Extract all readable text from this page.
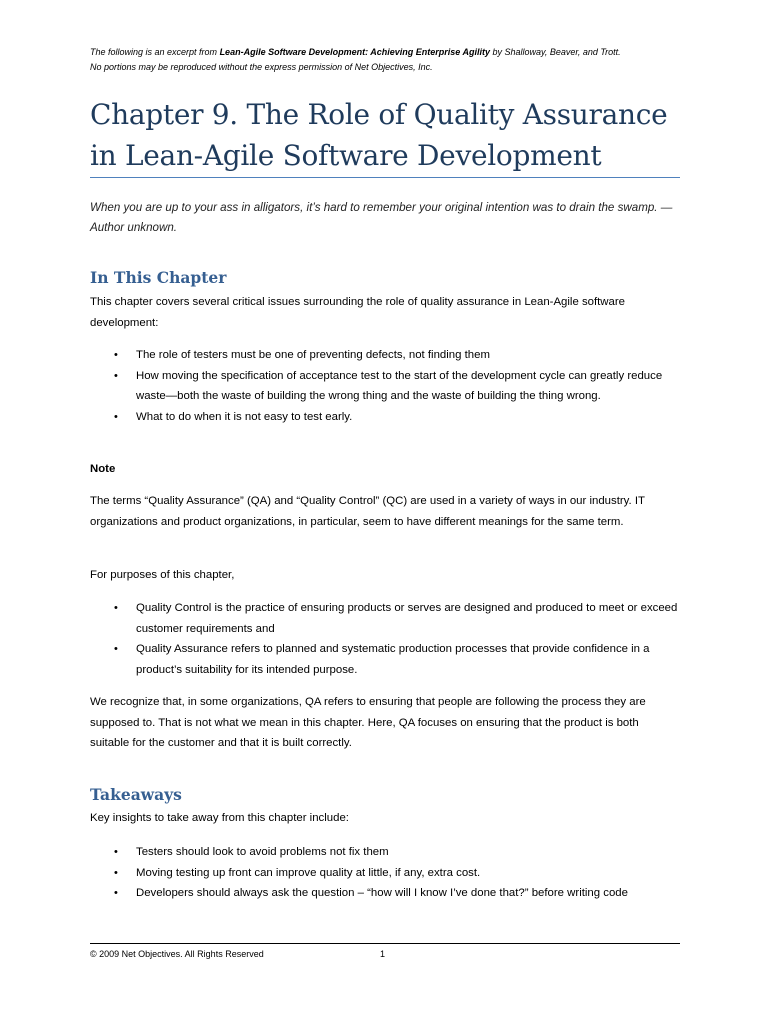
The following is an excerpt from Lean-Agile Software Development: Achieving Enterprise Agility by Shalloway, Beaver, and Trott.
No portions may be reproduced without the express permission of Net Objectives, Inc.
Chapter 9. The Role of Quality Assurance in Lean-Agile Software Development
When you are up to your ass in alligators, it’s hard to remember your original intention was to drain the swamp. —Author unknown.
In This Chapter

This chapter covers several critical issues surrounding the role of quality assurance in Lean-Agile software development:

• The role of testers must be one of preventing defects, not finding them
• How moving the specification of acceptance test to the start of the development cycle can greatly reduce waste—both the waste of building the wrong thing and the waste of building the thing wrong.
• What to do when it is not easy to test early.

Note

The terms “Quality Assurance” (QA) and “Quality Control” (QC) are used in a variety of ways in our industry. IT organizations and product organizations, in particular, seem to have different meanings for the same term.

For purposes of this chapter,

• Quality Control is the practice of ensuring products or serves are designed and produced to meet or exceed customer requirements and
• Quality Assurance refers to planned and systematic production processes that provide confidence in a product’s suitability for its intended purpose.

We recognize that, in some organizations, QA refers to ensuring that people are following the process they are supposed to. That is not what we mean in this chapter. Here, QA focuses on ensuring that the product is both suitable for the customer and that it is built correctly.

Takeaways

Key insights to take away from this chapter include:

• Testers should look to avoid problems not fix them
• Moving testing up front can improve quality at little, if any, extra cost.
• Developers should always ask the question – “how will I know I’ve done that?” before writing code
© 2009 Net Objectives. All Rights Reserved	1
